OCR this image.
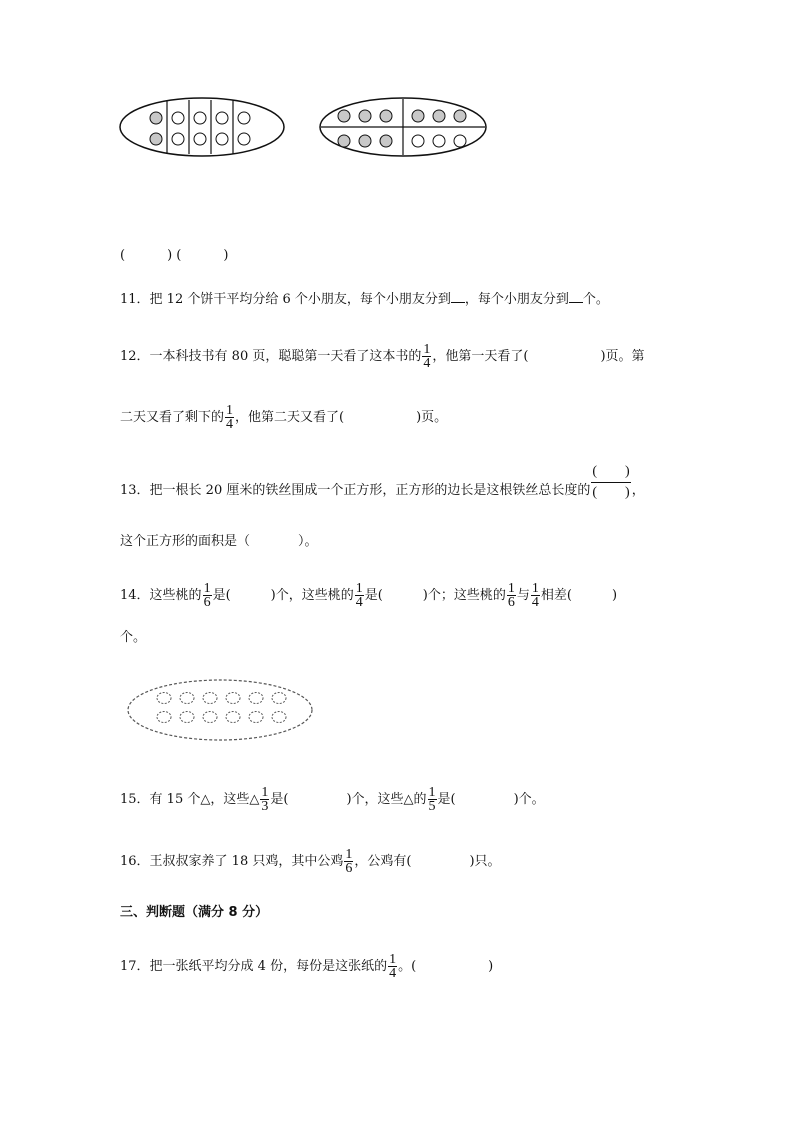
(	) (	)
11．把 12 个饼干平均分给 6 个小朋友，每个小朋友分到 ，每个小朋友分到 个。
12．一本科技书有 80 页，聪聪第一天看了这本书的 $\frac{1}{4}$ ，他第一天看了(	)页。第
二天又看了剩下的 $\frac{1}{4}$ ，他第二天又看了(	)页。
13．把一根长 20 厘米的铁丝围成一个正方形，正方形的边长是这根铁丝总长度的 $\frac{( )}{( )}$ ，
这个正方形的面积是（	）。
14．这些桃的 $\frac{1}{6}$ 是(	)个，这些桃的 $\frac{1}{4}$ 是(	)个；这些桃的 $\frac{1}{6}$ 与 $\frac{1}{4}$ 相差(	)
个。
15．有 15 个△，这些△ $\frac{1}{3}$ 是(	)个，这些△的 $\frac{1}{5}$ 是(	)个。
16．王叔叔家养了 18 只鸡，其中公鸡 $\frac{1}{6}$ ，公鸡有(	)只。
三、判断题（满分 8 分）
17．把一张纸平均分成 4 份，每份是这张纸的 $\frac{1}{4}$ 。(	)
